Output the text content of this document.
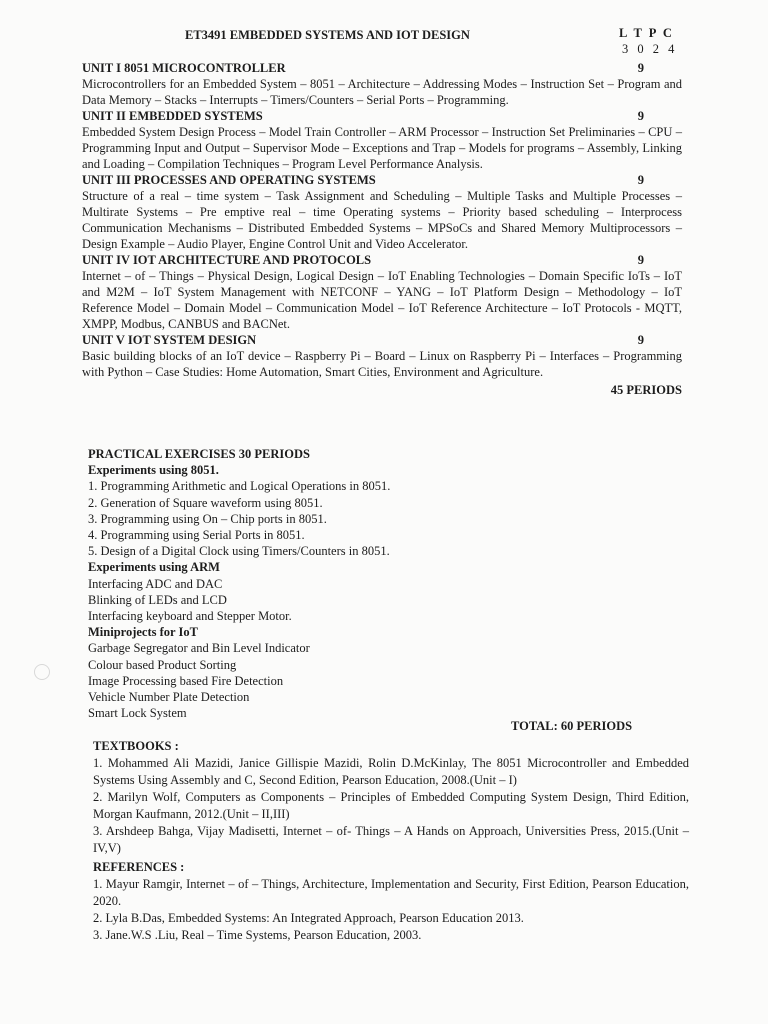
ET3491 EMBEDDED SYSTEMS AND IOT DESIGN	L T P C
3 0 2 4
UNIT I 8051 MICROCONTROLLER	9
Microcontrollers for an Embedded System – 8051 – Architecture – Addressing Modes – Instruction Set – Program and Data Memory – Stacks – Interrupts – Timers/Counters – Serial Ports – Programming.
UNIT II EMBEDDED SYSTEMS	9
Embedded System Design Process – Model Train Controller – ARM Processor – Instruction Set Preliminaries – CPU – Programming Input and Output – Supervisor Mode – Exceptions and Trap – Models for programs – Assembly, Linking and Loading – Compilation Techniques – Program Level Performance Analysis.
UNIT III PROCESSES AND OPERATING SYSTEMS	9
Structure of a real – time system – Task Assignment and Scheduling – Multiple Tasks and Multiple Processes – Multirate Systems – Pre emptive real – time Operating systems – Priority based scheduling – Interprocess Communication Mechanisms – Distributed Embedded Systems – MPSoCs and Shared Memory Multiprocessors – Design Example – Audio Player, Engine Control Unit and Video Accelerator.
UNIT IV IOT ARCHITECTURE AND PROTOCOLS	9
Internet – of – Things – Physical Design, Logical Design – IoT Enabling Technologies – Domain Specific IoTs – IoT and M2M – IoT System Management with NETCONF – YANG – IoT Platform Design – Methodology – IoT Reference Model – Domain Model – Communication Model – IoT Reference Architecture – IoT Protocols - MQTT, XMPP, Modbus, CANBUS and BACNet.
UNIT V IOT SYSTEM DESIGN	9
Basic building blocks of an IoT device – Raspberry Pi – Board – Linux on Raspberry Pi – Interfaces – Programming with Python – Case Studies: Home Automation, Smart Cities, Environment and Agriculture.
45 PERIODS
PRACTICAL EXERCISES 30 PERIODS
Experiments using 8051.
1. Programming Arithmetic and Logical Operations in 8051.
2. Generation of Square waveform using 8051.
3. Programming using On – Chip ports in 8051.
4. Programming using Serial Ports in 8051.
5. Design of a Digital Clock using Timers/Counters in 8051.
Experiments using ARM
Interfacing ADC and DAC
Blinking of LEDs and LCD
Interfacing keyboard and Stepper Motor.
Miniprojects for IoT
Garbage Segregator and Bin Level Indicator
Colour based Product Sorting
Image Processing based Fire Detection
Vehicle Number Plate Detection
Smart Lock System
TOTAL: 60 PERIODS
TEXTBOOKS :
1. Mohammed Ali Mazidi, Janice Gillispie Mazidi, Rolin D.McKinlay, The 8051 Microcontroller and Embedded Systems Using Assembly and C, Second Edition, Pearson Education, 2008.(Unit – I)
2. Marilyn Wolf, Computers as Components – Principles of Embedded Computing System Design, Third Edition, Morgan Kaufmann, 2012.(Unit – II,III)
3. Arshdeep Bahga, Vijay Madisetti, Internet – of- Things – A Hands on Approach, Universities Press, 2015.(Unit – IV,V)
REFERENCES :
1. Mayur Ramgir, Internet – of – Things, Architecture, Implementation and Security, First Edition, Pearson Education, 2020.
2. Lyla B.Das, Embedded Systems: An Integrated Approach, Pearson Education 2013.
3. Jane.W.S .Liu, Real – Time Systems, Pearson Education, 2003.
